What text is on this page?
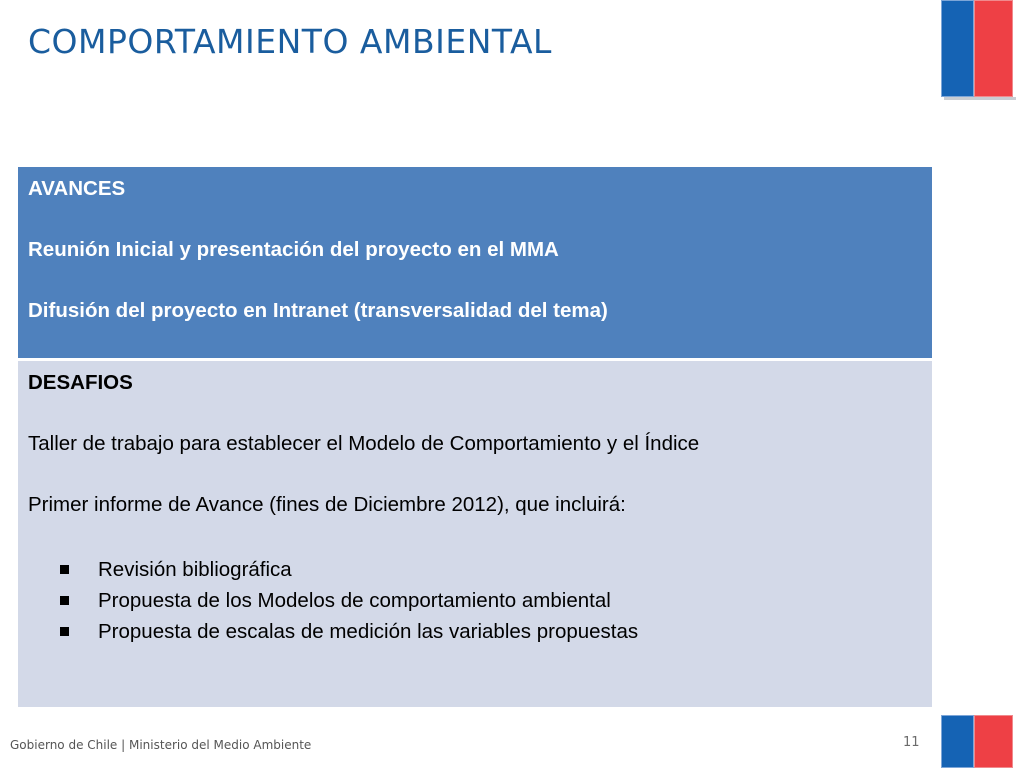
COMPORTAMIENTO AMBIENTAL

AVANCES

Reunión Inicial y presentación del proyecto en el MMA

Difusión del proyecto en Intranet (transversalidad del tema)

DESAFIOS

Taller de trabajo para establecer el Modelo de Comportamiento y el Índice

Primer informe de Avance (fines de Diciembre 2012), que incluirá:

Revisión bibliográfica
Propuesta de los Modelos de comportamiento ambiental
Propuesta de escalas de medición las variables propuestas
Gobierno de Chile | Ministerio del Medio Ambiente	11
